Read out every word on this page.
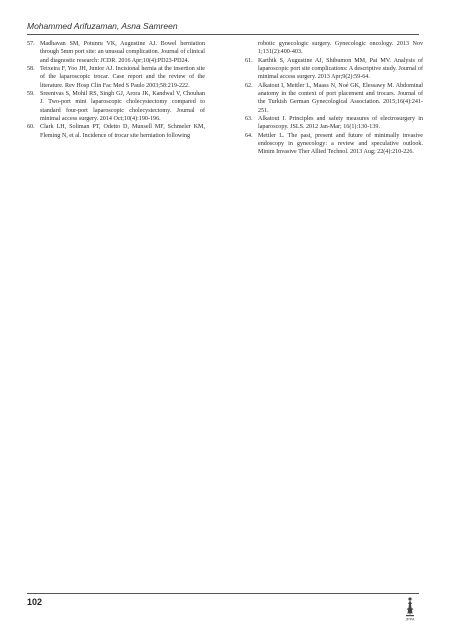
Mohammed Arifuzaman, Asna Samreen
57. Madhavan SM, Potunru VK, Augustine AJ. Bowel herniation through 5mm port site: an unusual complication. Journal of clinical and diagnostic research: JCDR. 2016 Apr;10(4):PD23-PD24.
58. Teixeira F, Yoo JH, Junior AJ. Incisional hernia at the insertion site of the laparoscopic trocar. Case report and the review of the literature. Rev Hosp Clin Fac Med S Paulo 2003;58:219-222.
59. Sreenivas S, Mohil RS, Singh GJ, Arora JK, Kandwal V, Chouhan J. Two-port mini laparoscopic cholecystectomy compared to standard four-port laparoscopic cholecystectomy. Journal of minimal access surgery. 2014 Oct;10(4):190-196.
60. Clark LH, Soliman PT, Odetto D, Munsell MF, Schmeler KM, Fleming N, et al. Incidence of trocar site herniation following
robotic gynecologic surgery. Gynecologic oncology. 2013 Nov 1;131(2):400-403.
61. Karthik S, Augustine AJ, Shibumon MM, Pai MV. Analysis of laparoscopic port site complications: A descriptive study. Journal of minimal access surgery. 2013 Apr;9(2):59-64.
62. Alkatout I, Mettler L, Maass N, Noé GK, Elessawy M. Abdominal anatomy in the context of port placement and trocars. Journal of the Turkish German Gynecological Association. 2015;16(4):241-251.
63. Alkatout I. Principles and safety measures of electrosurgery in laparoscopy. JSLS. 2012 Jan-Mar; 16(1):130-139.
64. Mettler L. The past, present and future of minimally invasive endoscopy in gynecology: a review and speculative outlook. Minim Invasive Ther Allied Technol. 2013 Aug; 22(4):210-226.
102
JPPA
